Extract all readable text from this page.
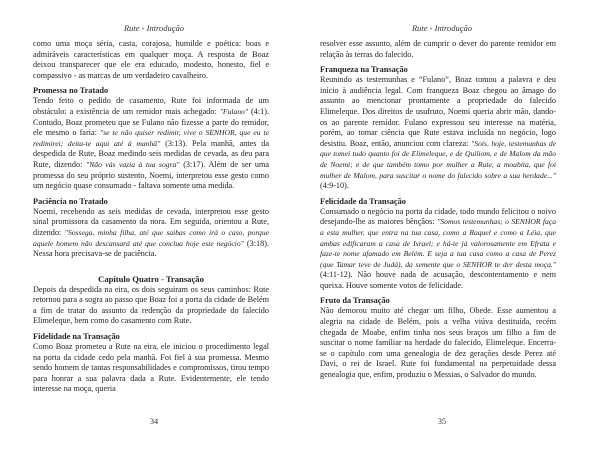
Rute - Introdução

como uma moça séria, casta, corajosa, humilde e poética: boas e admiráveis características em qualquer moça. A resposta de Boaz deixou transparecer que ele era educado, modesto, honesto, fiel e compassivo - as marcas de um verdadeiro cavalheiro.

Promessa no Tratado

Tendo feito o pedido de casamento, Rute foi informada de um obstáculo: a existência de um remidor mais achegado: "Fulano" (4:1). Contudo, Boaz prometeu que se Fulano não fizesse a parte do remidor, ele mesmo o faria: "se te não quiser redimir, vive o SENHOR, que eu te redimirei; deita-te aqui até à manhã" (3:13). Pela manhã, antes da despedida de Rute, Boaz medindo seis medidas de cevada, as deu para Rute, dizendo: "Não vás vazia à tua sogra" (3:17). Além de ser uma promessa do seu próprio sustento, Noemi, interpretou esse gesto como um negócio quase consumado - faltava somente uma medida.

Paciência no Tratado

Noemi, recebendo as seis medidas de cevada, interpretou esse gesto sinal promissora da casamento da nora. Em seguida, orientou a Rute, dizendo: "Sossega, minha filha, até que saibas como irá o caso, porque aquele homem não descansará até que conclua hoje este negócio" (3:18). Nessa hora precisava-se de paciência.

Capítulo Quatro - Transação

Depois da despedida na eira, os dois seguiram os seus caminhos: Rute retornou para a sogra ao passo que Boaz foi a porta da cidade de Belém a fim de tratar do assunto da redenção da propriedade do falecido Elimeleque, bem como do casamento com Rute.

Fidelidade na Transação

Como Boaz prometeu a Rute na eira, ele iniciou o procedimento legal na porta da cidade cedo pela manhã. Foi fiel à sua promessa. Mesmo sendo homem de tantas responsabilidades e compromissos, tirou tempo para honrar a sua palavra dada a Rute. Evidentemente, ele tendo interesse na moça, queria

34
Rute - Introdução

resolver esse assunto, além de cumprir o dever do parente remidor em relação às terras do falecido.

Franqueza na Transação

Reunindo as testemunhas e “Fulano”, Boaz tomou a palavra e deu início à audiência legal. Com franqueza Boaz chegou ao âmago do assunto ao mencionar prontamente a propriedade do falecido Elimeleque. Dos direitos de usufruto, Noemi queria abrir mão, dando-os ao parente remidor. Fulano expressou seu interesse na matéria, porém, ao tomar ciência que Rute estava incluída no negócio, logo desistiu. Boaz, então, anunciou com clareza: "Sois, hoje, testemunhas de que tomei tudo quanto foi de Elimeleque, e de Quiliom, e de Malom da mão de Noemi; e de que também tomo por mulher a Rute, a moabita, que foi mulher de Malom, para suscitar o nome do falecido sobre a sua herdade..." (4:9-10).

Felicidade da Transação

Consumado o negócio na porta da cidade, todo mundo felicitou o noivo desejando-lhe as maiores bênçãos: "Somos testemunhas; o SENHOR faça a esta mulher, que entra na tua casa, como a Raquel e como a Léia, que ambas edificaram a casa de Israel; e há-te já valorosamente em Efrata e faze-te nome afamado em Belém. E seja a tua casa como a casa de Perez (que Tamar teve de Judá), da semente que o SENHOR te der desta moça." (4:11-12). Não houve nada de acusação, descontentamento e nem queixa. Houve somente votos de felicidade.

Fruto da Transação

Não demorou muito até chegar um filho, Obede. Esse aumentou a alegria na cidade de Belém, pois a velha viúva destituída, recém chegada de Moabe, enfim tinha nos seus braços um filho a fim de suscitar o nome familiar na herdade do falecido, Elimeleque. Encerra-se o capítulo com uma genealogia de dez gerações desde Perez até Davi, o rei de Israel. Rute foi fundamental na perpetuidade dessa genealogia que, enfim, produziu o Messias, o Salvador do mundo.

35
